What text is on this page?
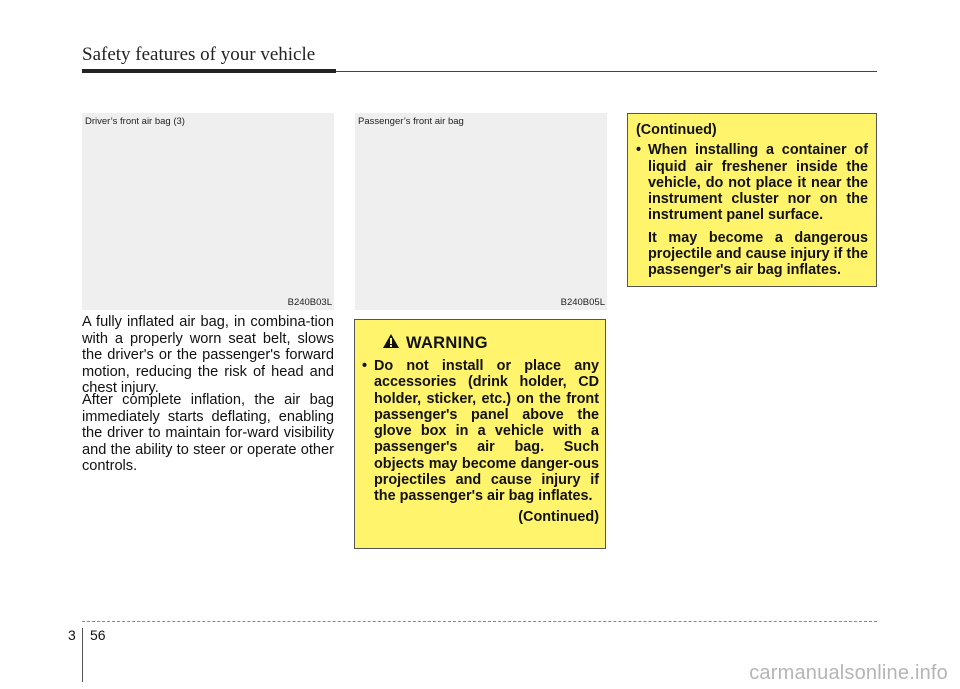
Safety features of your vehicle
Driver’s front air bag (3)
B240B03L
Passenger’s front air bag
B240B05L

A fully inflated air bag, in combina-tion with a properly worn seat belt, slows the driver's or the passenger's forward motion, reducing the risk of head and chest injury.

After complete inflation, the air bag immediately starts deflating, enabling the driver to maintain for-ward visibility and the ability to steer or operate other controls.

WARNING
• Do not install or place any accessories (drink holder, CD holder, sticker, etc.) on the front passenger's panel above the glove box in a vehicle with a passenger's air bag. Such objects may become danger-ous projectiles and cause injury if the passenger's air bag inflates.
(Continued)
(Continued)
• When installing a container of liquid air freshener inside the vehicle, do not place it near the instrument cluster nor on the instrument panel surface.
It may become a dangerous projectile and cause injury if the passenger's air bag inflates.
3 56
carmanualsonline.info
